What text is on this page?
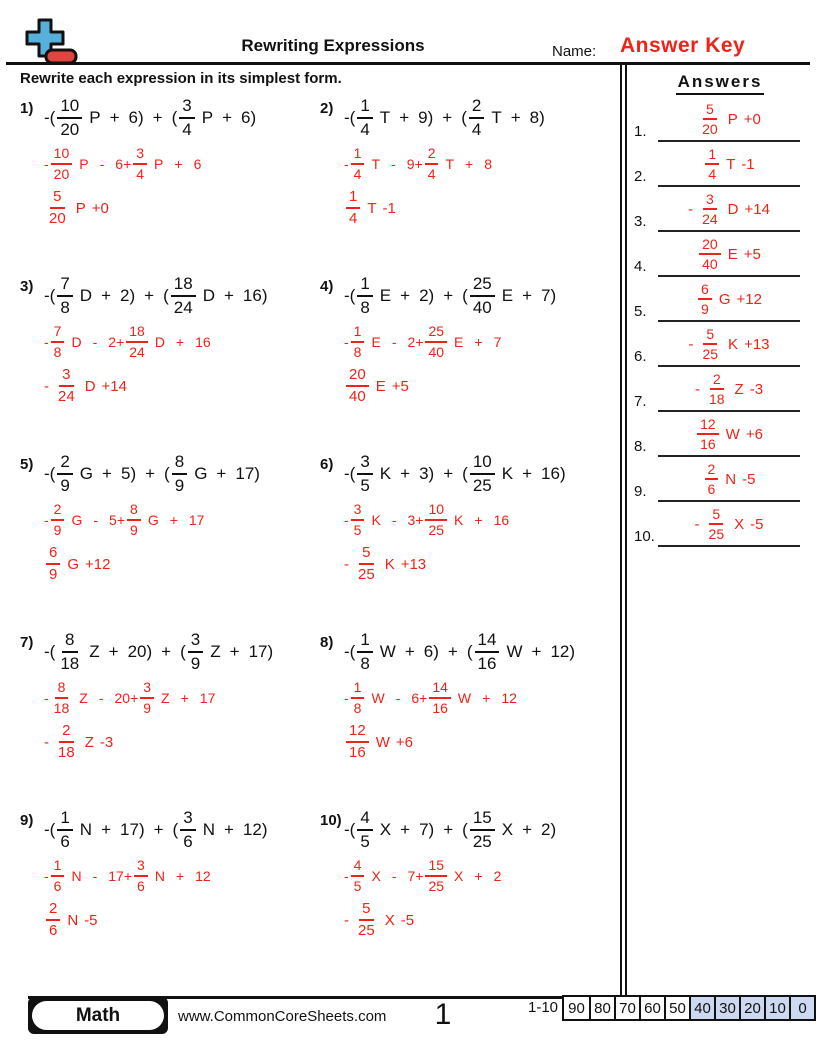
Rewriting Expressions	Name: Answer Key
Rewrite each expression in its simplest form.
1) -( $\frac{10}{20}$ P + 6 ) + ( $\frac{3}{4}$ P + 6 )
- $\frac{10}{20}$ $P - 6 + \frac{3}{4}$ P + 6
$\frac{5}{20}$ P +0
2) -( $\frac{1}{4}$ T + 9 ) + ( $\frac{2}{4}$ T + 8 )
- $\frac{1}{4}$ $T - 9 + \frac{2}{4}$ T + 8
$\frac{1}{4}$ T -1
3) -( $\frac{7}{8}$ D + 2 ) + ( $\frac{18}{24}$ D + 16 )
- $\frac{7}{8}$ $D - 2 + \frac{18}{24}$ D + 16
- $\frac{3}{24}$ D +14
4) -( $\frac{1}{8}$ E + 2 ) + ( $\frac{25}{40}$ E + 7 )
- $\frac{1}{8}$ $E - 2 + \frac{25}{40}$ E + 7
$\frac{20}{40}$ E +5
5) -( $\frac{2}{9}$ G + 5 ) + ( $\frac{8}{9}$ G + 17 )
- $\frac{2}{9}$ $G - 5 + \frac{8}{9}$ G + 17
$\frac{6}{9}$ G +12
6) -( $\frac{3}{5}$ K + 3 ) + ( $\frac{10}{25}$ K + 16 )
- $\frac{3}{5}$ $K - 3 + \frac{10}{25}$ K + 16
- $\frac{5}{25}$ K +13
7) -( $\frac{8}{18}$ Z + 20 ) + ( $\frac{3}{9}$ Z + 17 )
- $\frac{8}{18}$ $Z - 20 + \frac{3}{9}$ Z + 17
- $\frac{2}{18}$ Z -3
8) -( $\frac{1}{8}$ W + 6 ) + ( $\frac{14}{16}$ W + 12 )
- $\frac{1}{8}$ $W - 6 + \frac{14}{16}$ W + 12
$\frac{12}{16}$ W +6
9) -( $\frac{1}{6}$ N + 17 ) + ( $\frac{3}{6}$ N + 12 )
- $\frac{1}{6}$ $N - 17 + \frac{3}{6}$ N + 12
$\frac{2}{6}$ N -5
10) -( $\frac{4}{5}$ X + 7 ) + ( $\frac{15}{25}$ X + 2 )
- $\frac{4}{5}$ $X - 7 + \frac{15}{25}$ X + 2
- $\frac{5}{25}$ X -5
Answers
1.	$\frac{5}{20}$ P +0
2.	$\frac{1}{4}$ T -1
3.
- $\frac{3}{24}$ D +14
4.	$\frac{20}{40}$ E +5
5.	$\frac{6}{9}$ G +12
6.
- $\frac{5}{25}$ K +13
7.
- $\frac{2}{18}$ Z -3
8.	$\frac{12}{16}$ W +6
9.	$\frac{2}{6}$ N -5
10.
- $\frac{5}{25}$ X -5
Math	www.CommonCoreSheets.com	1	1-10 90 80 70 60 50 40 30 20 10 0
